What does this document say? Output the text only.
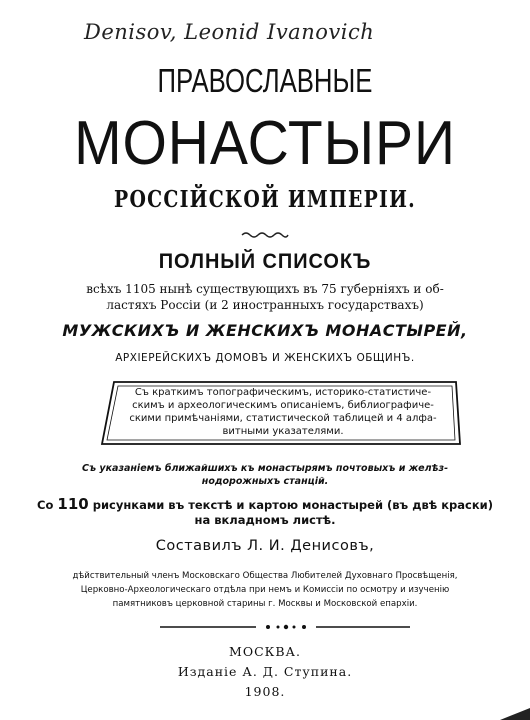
Denisov, Leonid Ivanovich
ПРАВОСЛАВНЫЕ
МОНАСТЫРИ
РОССІЙСКОЙ ИМПЕРІИ.
ПОЛНЫЙ СПИСОКЪ
всѣхъ 1105 нынѣ существующихъ въ 75 губерніяхъ и об-
ластяхъ Россіи (и 2 иностранныхъ государствахъ)
МУЖСКИХЪ И ЖЕНСКИХЪ МОНАСТЫРЕЙ,
АРХІЕРЕЙСКИХЪ ДОМОВЪ И ЖЕНСКИХЪ ОБЩИНЪ.
Съ краткимъ топографическимъ, историко-статистиче- скимъ и археологическимъ описаніемъ, библиографиче- скими примѣчаніями, статистической таблицей и 4 алфа- витными указателями.
Съ указаніемъ ближайшихъ къ монастырямъ почтовыхъ и желѣз-
нодорожныхъ станцій.
Со 110 рисунками въ текстѣ и картою монастырей (въ двѣ краски)
на вкладномъ листѣ.
Составилъ Л. И. Денисовъ,
дѣйствительный членъ Московскаго Общества Любителей Духовнаго Просвѣщенія,
Церковно-Археологическаго отдѣла при немъ и Комиссіи по осмотру и изученію
памятниковъ церковной старины г. Москвы и Московской епархіи.
МОСКВА.
Изданіе А. Д. Ступина.
1908.
